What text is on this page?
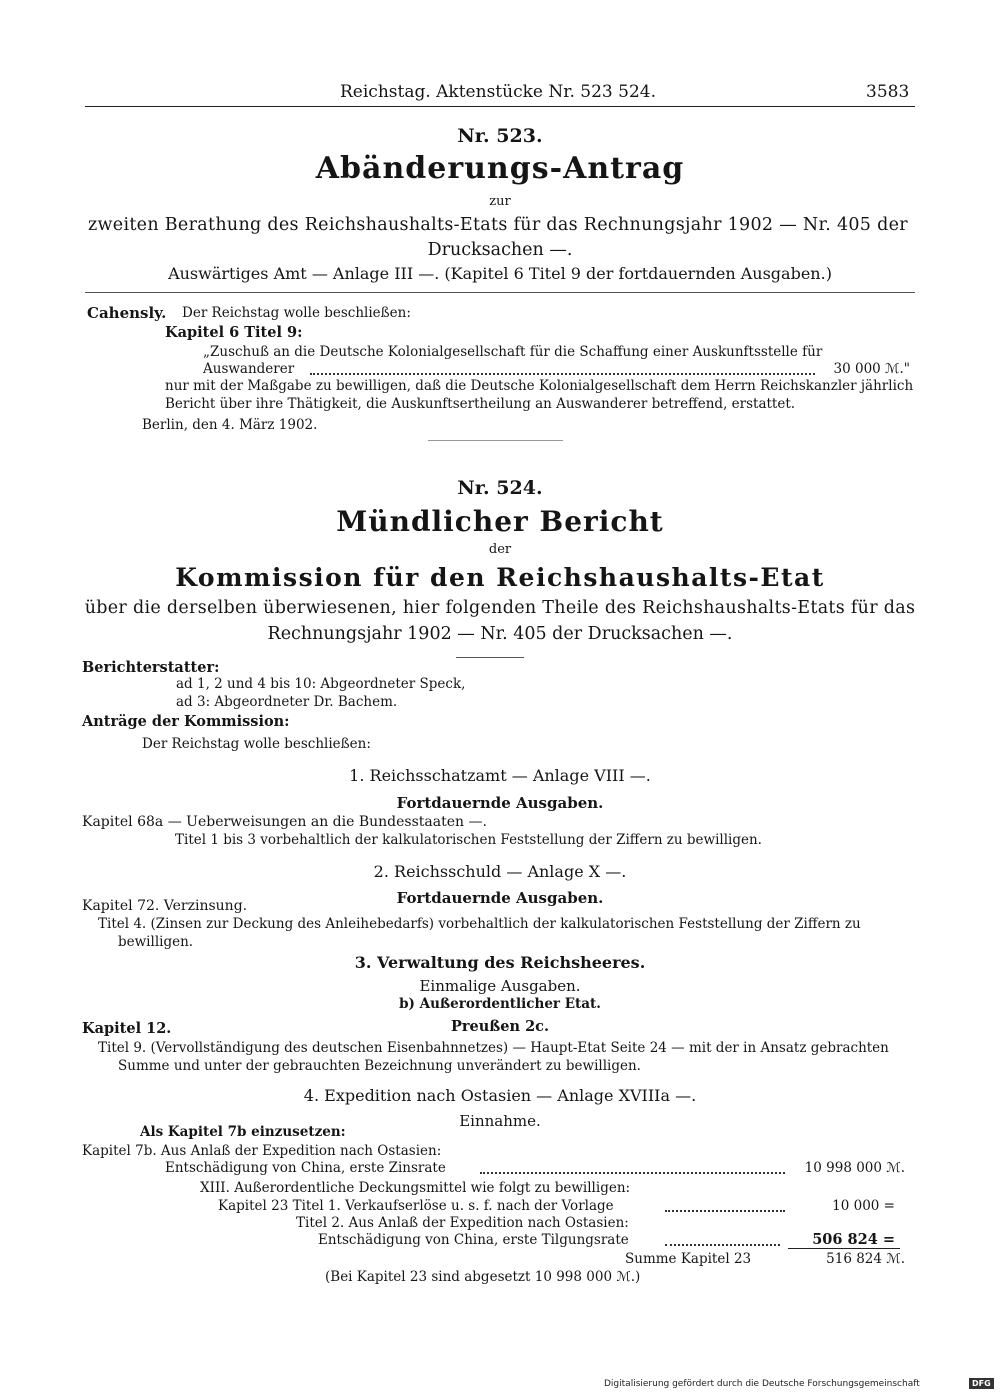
Reichstag. Aktenstücke Nr. 523 524.	3583
Nr. 523.
Abänderungs-Antrag
zur
zweiten Berathung des Reichshaushalts-Etats für das Rechnungsjahr 1902 — Nr. 405 der
Drucksachen —.
Auswärtiges Amt — Anlage III —. (Kapitel 6 Titel 9 der fortdauernden Ausgaben.)
Cahensly. Der Reichstag wolle beschließen:
Kapitel 6 Titel 9:
„Zuschuß an die Deutsche Kolonialgesellschaft für die Schaffung einer Auskunftsstelle für
Auswanderer	30 000 ℳ."
nur mit der Maßgabe zu bewilligen, daß die Deutsche Kolonialgesellschaft dem Herrn Reichskanzler jährlich
Bericht über ihre Thätigkeit, die Auskunftsertheilung an Auswanderer betreffend, erstattet.
Berlin, den 4. März 1902.
Nr. 524.
Mündlicher Bericht
der
Kommission für den Reichshaushalts-Etat
über die derselben überwiesenen, hier folgenden Theile des Reichshaushalts-Etats für das
Rechnungsjahr 1902 — Nr. 405 der Drucksachen —.
Berichterstatter:
ad 1, 2 und 4 bis 10: Abgeordneter Speck,
ad 3: Abgeordneter Dr. Bachem.
Anträge der Kommission:
Der Reichstag wolle beschließen:
1. Reichsschatzamt — Anlage VIII —.
Fortdauernde Ausgaben.
Kapitel 68a — Ueberweisungen an die Bundesstaaten —.
Titel 1 bis 3 vorbehaltlich der kalkulatorischen Feststellung der Ziffern zu bewilligen.
2. Reichsschuld — Anlage X —.
Fortdauernde Ausgaben.
Kapitel 72. Verzinsung.
Titel 4. (Zinsen zur Deckung des Anleihebedarfs) vorbehaltlich der kalkulatorischen Feststellung der Ziffern zu
bewilligen.
3. Verwaltung des Reichsheeres.
Einmalige Ausgaben.
b) Außerordentlicher Etat.
Kapitel 12.	Preußen 2c.
Titel 9. (Vervollständigung des deutschen Eisenbahnnetzes) — Haupt-Etat Seite 24 — mit der in Ansatz gebrachten
Summe und unter der gebrauchten Bezeichnung unverändert zu bewilligen.
4. Expedition nach Ostasien — Anlage XVIIIa —.
Einnahme.
Als Kapitel 7b einzusetzen:
Kapitel 7b. Aus Anlaß der Expedition nach Ostasien:
Entschädigung von China, erste Zinsrate	10 998 000 ℳ.
XIII. Außerordentliche Deckungsmittel wie folgt zu bewilligen:
Kapitel 23 Titel 1. Verkaufserlöse u. s. f. nach der Vorlage	10 000 =
Titel 2. Aus Anlaß der Expedition nach Ostasien:
Entschädigung von China, erste Tilgungsrate	506 824 =
Summe Kapitel 23	516 824 ℳ.
(Bei Kapitel 23 sind abgesetzt 10 998 000 ℳ.)
Digitalisierung gefördert durch die Deutsche Forschungsgemeinschaft	DFG
